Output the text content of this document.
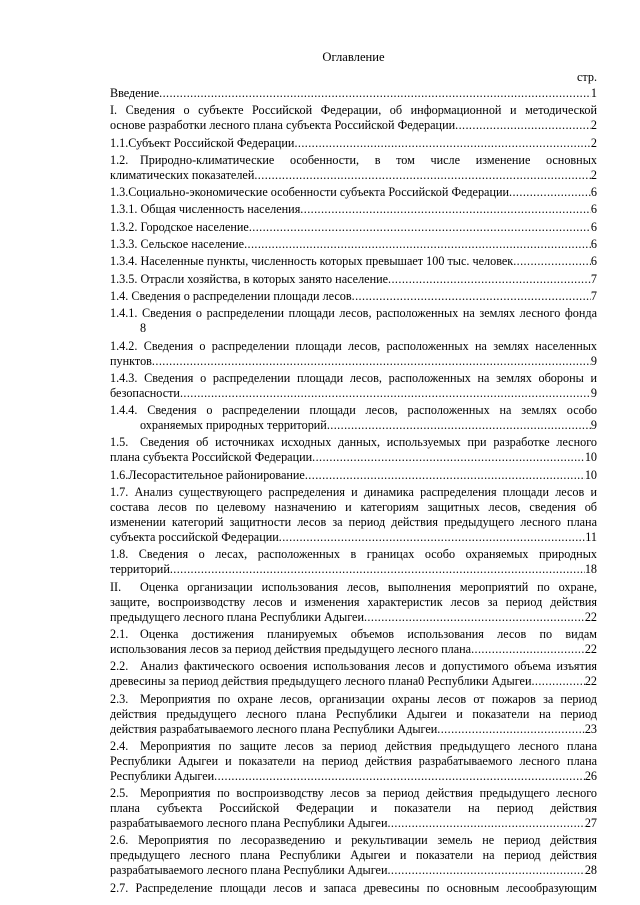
Оглавление
стр.
Введение .....	1
I. Сведения о субъекте Российской Федерации, об информационной и методической
основе разработки лесного плана субъекта Российской Федерации .....	2
1.1. Субъект Российской Федерации .....	2
1.2. Природно-климатические особенности, в том числе изменение основных
климатических показателей .....	2
1.3. Социально-экономические особенности субъекта Российской Федерации .....	6
1.3.1. Общая численность населения .....	6
1.3.2. Городское население .....	6
1.3.3. Сельское население .....	6
1.3.4. Населенные пункты, численность которых превышает 100 тыс. человек .....	6
1.3.5. Отрасли хозяйства, в которых занято население .....	7
1.4. Сведения о распределении площади лесов .....	7
1.4.1. Сведения о распределении площади лесов, расположенных на землях лесного фонда
8
1.4.2. Сведения о распределении площади лесов, расположенных на землях населенных
пунктов .....	9
1.4.3. Сведения о распределении площади лесов, расположенных на землях обороны и
безопасности .....	9
1.4.4. Сведения о распределении площади лесов, расположенных на землях особо
охраняемых природных территорий .....	9
1.5. Сведения об источниках исходных данных, используемых при разработке лесного
плана субъекта Российской Федерации .....	10
1.6. Лесорастительное районирование .....	10
1.7. Анализ существующего распределения и динамика распределения площади лесов и
состава лесов по целевому назначению и категориям защитных лесов, сведения об
изменении категорий защитности лесов за период действия предыдущего лесного плана
субъекта российской Федерации .....	11
1.8. Сведения о лесах, расположенных в границах особо охраняемых природных
территорий .....	18
II. Оценка организации использования лесов, выполнения мероприятий по охране,
защите, воспроизводству лесов и изменения характеристик лесов за период действия
предыдущего лесного плана Республики Адыгеи .....	22
2.1. Оценка достижения планируемых объемов использования лесов по видам
использования лесов за период действия предыдущего лесного плана .....	22
2.2. Анализ фактического освоения использования лесов и допустимого объема изъятия
древесины за период действия предыдущего лесного плана0 Республики Адыгеи .....	22
2.3. Мероприятия по охране лесов, организации охраны лесов от пожаров за период
действия предыдущего лесного плана Республики Адыгеи и показатели на период
действия разрабатываемого лесного плана Республики Адыгеи .....	23
2.4. Мероприятия по защите лесов за период действия предыдущего лесного плана
Республики Адыгеи и показатели на период действия разрабатываемого лесного плана
Республики Адыгеи .....	26
2.5. Мероприятия по воспроизводству лесов за период действия предыдущего лесного
плана субъекта Российской Федерации и показатели на период действия
разрабатываемого лесного плана Республики Адыгеи .....	27
2.6. Мероприятия по лесоразведению и рекультивации земель не период действия
предыдущего лесного плана Республики Адыгеи и показатели на период действия
разрабатываемого лесного плана Республики Адыгеи .....	28
2.7. Распределение площади лесов и запаса древесины по основным лесообразующим
